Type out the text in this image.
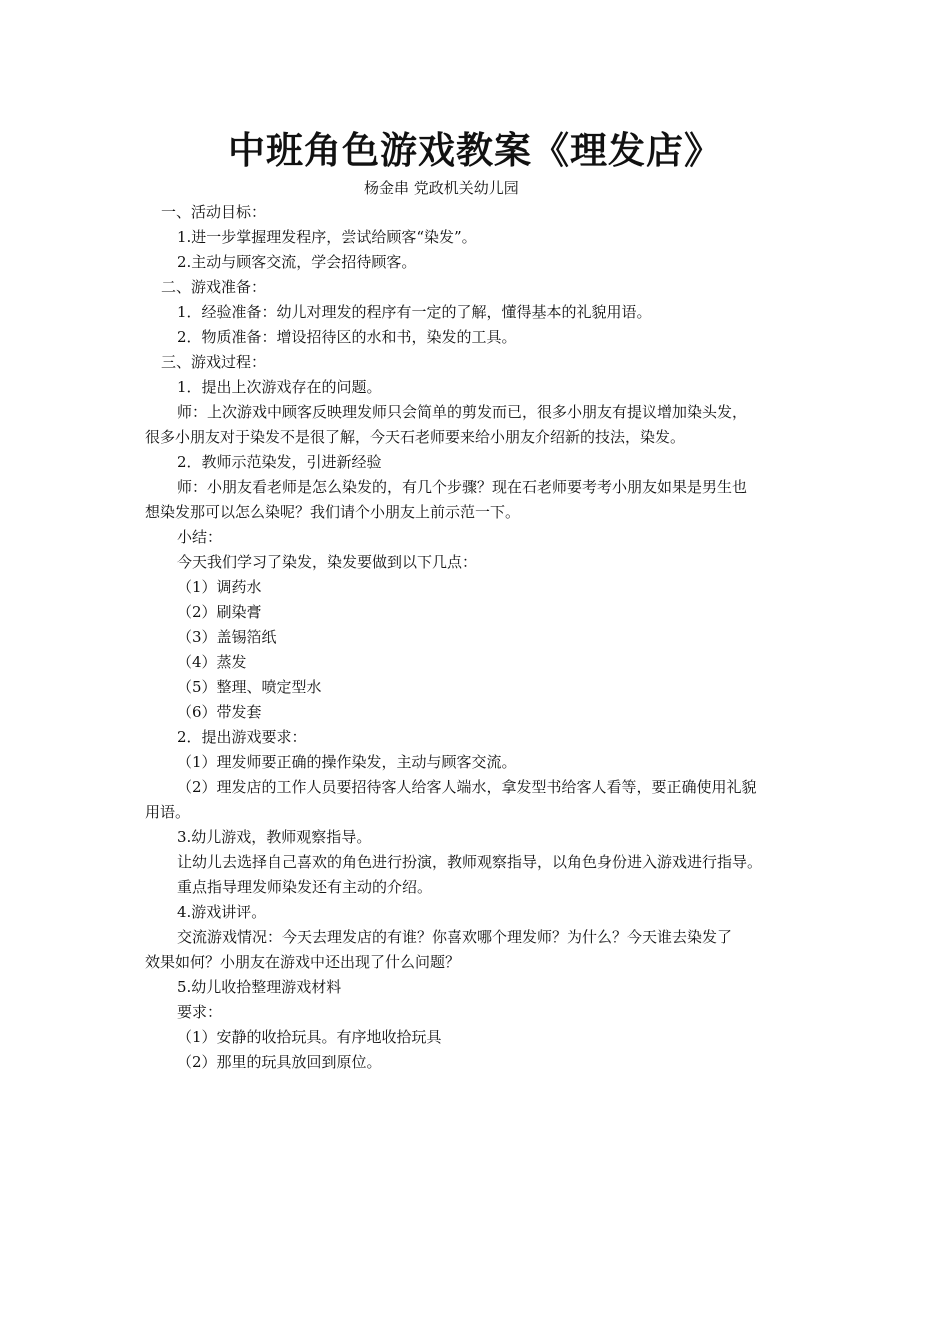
中班角色游戏教案《理发店》
杨金串 党政机关幼儿园
一、活动目标：
1.进一步掌握理发程序，尝试给顾客“染发”。
2.主动与顾客交流，学会招待顾客。
二、游戏准备：
1．经验准备：幼儿对理发的程序有一定的了解，懂得基本的礼貌用语。
2．物质准备：增设招待区的水和书，染发的工具。
三、游戏过程：
1．提出上次游戏存在的问题。
师：上次游戏中顾客反映理发师只会简单的剪发而已，很多小朋友有提议增加染头发，
很多小朋友对于染发不是很了解，今天石老师要来给小朋友介绍新的技法，染发。
2．教师示范染发，引进新经验
师：小朋友看老师是怎么染发的，有几个步骤？现在石老师要考考小朋友如果是男生也
想染发那可以怎么染呢？我们请个小朋友上前示范一下。
小结：
今天我们学习了染发，染发要做到以下几点：
（1）调药水
（2）刷染膏
（3）盖锡箔纸
（4）蒸发
（5）整理、喷定型水
（6）带发套
2．提出游戏要求：
（1）理发师要正确的操作染发，主动与顾客交流。
（2）理发店的工作人员要招待客人给客人端水，拿发型书给客人看等，要正确使用礼貌
用语。
3.幼儿游戏，教师观察指导。
让幼儿去选择自己喜欢的角色进行扮演，教师观察指导，以角色身份进入游戏进行指导。
重点指导理发师染发还有主动的介绍。
4.游戏讲评。
交流游戏情况：今天去理发店的有谁？你喜欢哪个理发师？为什么？今天谁去染发了
效果如何？小朋友在游戏中还出现了什么问题？
5.幼儿收拾整理游戏材料
要求：
（1）安静的收拾玩具。有序地收拾玩具
（2）那里的玩具放回到原位。
